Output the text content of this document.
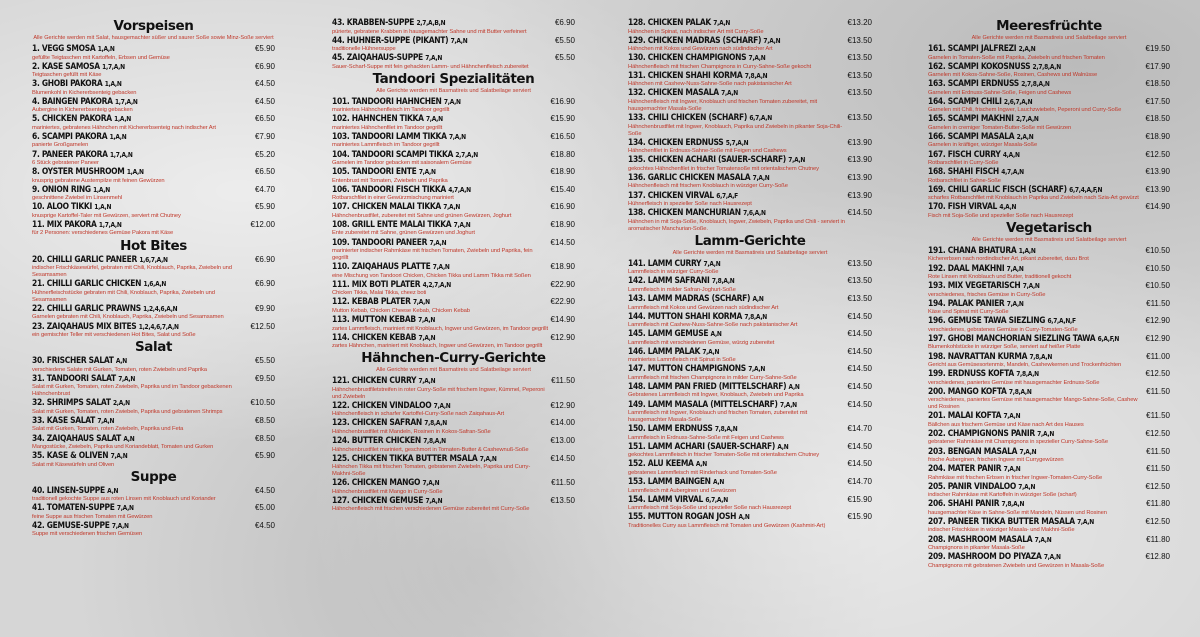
Vorspeisen
Alle Gerichte werden mit Salat, hausgemachter süßer und saurer Soße sowie Minz-Soße serviert
1. VEGG SMOSA 1,A,N	€5.90
gefüllte Teigtaschen mit Kartoffeln, Erbsen und Gemüse
2. KÄSE SAMOSA 1,7,A,N	€6.90
Teigtaschen gefüllt mit Käse
3. GHOBI PAKORA 1,A,N	€4.50
Blumenkohl in Kichererbsenteig gebacken
4. BAINGEN PAKORA 1,7,A,N	€4.50
Aubergine in Kichererbsenteig gebacken
5. CHICKEN PAKORA 1,A,N	€6.50
mariniertes, gebratenes Hähnchen mit Kichererbsenteig nach indischer Art
6. SCAMPI PAKORA 1,A,N	€7.90
panierte Großgarnelen
7. PANEER PAKORA 1,7,A,N	€5.20
6 Stück gebratener Paneer
8. OYSTER MUSHROOM 1,A,N	€6.50
knusprig gebratene Austernpilze mit feinen Gewürzen
9. ONION RING 1,A,N	€4.70
geschnittene Zwiebel im Linsenmehl
10. ALOO TIKKI 1,A,N	€5.90
knusprige Kartoffel-Taler mit Gewürzen, serviert mit Chutney
11. MIX PAKORA 1,7,A,N	€12.00
für 2 Personen: verschiedenes Gemüse Pakora mit Käse
Hot Bites
20. CHILLI GARLIC PANEER 1,6,7,A,N	€6.90
indischer Frischkäsewürfel, gebraten mit Chili, Knoblauch, Paprika, Zwiebeln und Sesamsamen
21. CHILLI GARLIC CHICKEN 1,6,A,N	€6.90
Hühnerfleischstücke gebraten mit Chili, Knoblauch, Paprika, Zwiebeln und Sesamsamen
22. CHILLI GARLIC PRAWNS 1,2,4,6,A,N	€9.90
Garnelen gebraten mit Chili, Knoblauch, Paprika, Zwiebeln und Sesamsamen
23. ZAIQAHAUS MIX BITES 1,2,4,6,7,A,N	€12.50
ein gemischter Teller mit verschiedenen Hot Bites, Salat und Soße
Salat
30. FRISCHER SALAT A,N	€5.50
verschiedene Salate mit Gurken, Tomaten, roten Zwiebeln und Paprika
31. TANDOORI SALAT 7,A,N	€9.50
Salat mit Gurken, Tomaten, roten Zwiebeln, Paprika und im Tandoor gebackenen Hähnchenbrust
32. SHRIMPS SALAT 2,A,N	€10.50
Salat mit Gurken, Tomaten, roten Zwiebeln, Paprika und gebratenen Shrimps
33. KÄSE SALAT 7,A,N	€8.50
Salat mit Gurken, Tomaten, roten Zwiebeln, Paprika und Feta
34. ZAIQAHAUS SALAT A,N	€8.50
Mangostücke, Zwiebeln, Paprika und Koriandeblatt, Tomaten und Gurken
35. KÄSE & OLIVEN 7,A,N	€5.90
Salat mit Käsewürfeln und Oliven
Suppe
40. LINSEN-SUPPE A,N	€4.50
traditionell gekochte Suppe aus roten Linsen mit Knoblauch und Koriander
41. TOMATEN-SUPPE 7,A,N	€5.00
feine Suppe aus frischen Tomaten mit Gewürzen
42. GEMÜSE-SUPPE 7,A,N	€4.50
Suppe mit verschiedenen frischen Gemüsen
43. KRABBEN-SUPPE 2,7,A,B,N	€6.90
pürierte, gebratene Krabben in hausgemachter Sahne und mit Butter verfeinert
44. HÜHNER-SUPPE (PIKANT) 7,A,N	€5.50
traditionelle Hühnersuppe
45. ZAIQAHAUS-SUPPE 7,A,N	€5.50
Sauer-Scharf-Suppe mit fein gehackten Lamm- und Hähnchenfleisch zubereitet
Tandoori Spezialitäten
Alle Gerichte werden mit Basmatireis und Salatbeilage serviert
101. TANDOORI HÄHNCHEN 7,A,N	€16.90
mariniertes Hähnchenfleisch im Tandoor gegrillt
102. HÄHNCHEN TIKKA 7,A,N	€15.90
mariniertes Hähnchenfilet im Tandoor gegrillt
103. TANDOORI LAMM TIKKA 7,A,N	€16.50
mariniertes Lammfleisch im Tandoor gegrillt
104. TANDOORI SCAMPI TIKKA 2,7,A,N	€18.80
Garnelen im Tandoor gebacken mit saisonalem Gemüse
105. TANDOORI ENTE 7,A,N	€18.90
Entenbrust mit Tomaten, Zwiebeln und Paprika
106. TANDOORI FISCH TIKKA 4,7,A,N	€15.40
Rotbarschfilet in einer Gewürzmischung mariniert
107. CHICKEN MALAI TIKKA 7,A,N	€16.90
Hähnchenbrustfilet, zubereitet mit Sahne und grünen Gewürzen, Joghurt
108. GRILL ENTE MALAI TIKKA 7,A,N	€18.90
Ente zubereitet mit Sahne, grünen Gewürzen und Joghurt
109. TANDOORI PANEER 7,A,N	€14.50
marinierter indischer Rahmkäse mit frischen Tomaten, Zwiebeln und Paprika, fein gegrillt
110. ZAIQAHAUS PLATTE 7,A,N	€18.90
eine Mischung von Tandoori Chicken, Chicken Tikka und Lamm Tikka mit Soßen
111. MIX BOTI PLATER 4,2,7,A,N	€22.90
Chicken Tikka, Malai Tikka, cheez boti
112. KEBAB PLATER 7,A,N	€22.90
Mutton Kebab, Chicken Cheese Kebab, Chicken Kebab
113. MUTTON KEBAB 7,A,N	€14.90
zartes Lammfleisch, mariniert mit Knoblauch, Ingwer und Gewürzen, im Tandoor gegrillt
114. CHICKEN KEBAB 7,A,N	€12.90
zartes Hähnchen, mariniert mit Knoblauch, Ingwer und Gewürzen, im Tandoor gegrillt
Hähnchen-Curry-Gerichte
Alle Gerichte werden mit Basmatireis und Salatbeilage serviert
121. CHICKEN CURRY 7,A,N	€11.50
Hähnchenbrustfiletstreifen in roter Curry-Soße mit frischem Ingwer, Kümmel, Peperoni und Zwiebeln
122. CHICKEN VINDALOO 7,A,N	€12.90
Hähnchenfleisch in scharfer Kartoffel-Curry-Soße nach Zaiqahaus-Art
123. CHICKEN SAFRAN 7,8,A,N	€14.00
Hähnchenbrustfilet mit Mandeln, Rosinen in Kokos-Safran-Soße
124. BUTTER CHICKEN 7,8,A,N	€13.00
Hähnchenbrustfilet mariniert, geschmort in Tomaten-Butter & Cashewnuß-Soße
125. CHICKEN TIKKA BUTTER MSALA 7,A,N	€14.50
Hähnchen Tikka mit frischen Tomaten, gebratenen Zwiebeln, Paprika und Curry-Makhni-Soße
126. CHICKEN MANGO 7,A,N	€11.50
Hähnchenbrustfilet mit Mango in Curry-Soße
127. CHICKEN GEMÜSE 7,A,N	€13.50
Hähnchenfleisch mit frischen verschiedenen Gemüse zubereitet mit Curry-Soße
128. CHICKEN PALAK 7,A,N	€13.20
Hähnchen in Spinat, nach indischer Art mit Curry-Soße
129. CHICKEN MADRAS (SCHARF) 7,A,N	€13.50
Hähnchen mit Kokos und Gewürzen nach südindischer Art
130. CHICKEN CHAMPIGNONS 7,A,N	€13.50
Hähnchenfleisch mit frischen Champignons in Curry-Sahne-Soße gekocht
131. CHICKEN SHAHI KORMA 7,8,A,N	€13.50
Hähnchen mit Cashew-Nuss-Sahne-Soße nach pakistanischer Art
132. CHICKEN MASALA 7,A,N	€13.50
Hähnchenfleisch mit Ingwer, Knoblauch und frischen Tomaten zubereitet, mit hausgemachter Masala-Soße
133. CHILI CHICKEN (SCHARF) 6,7,A,N	€13.50
Hähnchenbrustfilet mit Ingwer, Knoblauch, Paprika und Zwiebeln in pikanter Soja-Chili-Soße
134. CHICKEN ERDNUSS 5,7,A,N	€13.90
Hähnchenfilet in Erdnuss-Sahne-Soße mit Feigen und Cashews
135. CHICKEN ACHARI (SAUER-SCHARF) 7,A,N	€13.90
gekochtes Hähnchenfilet in frischer Tomatensoße mit orientalischem Chutney
136. GARLIC CHICKEN MASALA 7,A,N	€13.90
Hähnchenfleisch mit frischem Knoblauch in würziger Curry-Soße
137. CHICKEN VIRVAL 6,7,A,F	€13.90
Hühnerfleisch in spezieller Soße nach Hausrezept
138. CHICKEN MANCHURIAN 7,6,A,N	€14.50
Hähnchen in mit Soja-Soße, Knoblauch, Ingwer, Zwiebeln, Paprika und Chili - serviert in aromatischer Manchurian-Soße.
Lamm-Gerichte
Alle Gerichte werden mit Basmatireis und Salatbeilage serviert
141. LAMM CURRY 7,A,N	€13.50
Lammfleisch in würziger Curry-Soße
142. LAMM SAFRANI 7,8,A,N	€13.50
Lammfleisch in milder Safran-Joghurt-Soße
143. LAMM MADRAS (SCHARF) A,N	€13.50
Lammfleisch mit Kokos und Gewürzen nach südindischer Art
144. MUTTON SHAHI KORMA 7,8,A,N	€14.50
Lammfleisch mit Cashew-Nuss-Sahne-Soße nach pakistanischer Art
145. LAMM GEMÜSE A,N	€14.50
Lammfleisch mit verschiedenen Gemüse, würzig zubereitet
146. LAMM PALAK 7,A,N	€14.50
mariniertes Lammfleisch mit Spinat in Soße
147. MUTTON CHAMPIGNONS 7,A,N	€14.50
Lammfleisch mit frischen Champignons in milder Curry-Sahne-Soße
148. LAMM PAN FRIED (MITTELSCHARF) A,N	€14.50
Gebratenes Lammfleisch mit Ingwer, Knoblauch, Zwiebeln und Paprika
149. LAMM MASALA (MITTELSCHARF) 7,A,N	€14.50
Lammfleisch mit Ingwer, Knoblauch und frischen Tomaten, zubereitet mit hausgemachter Masala-Soße
150. LAMM ERDNUSS 7,8,A,N	€14.70
Lammfleisch in Erdnuss-Sahne-Soße mit Feigen und Cashews
151. LAMM ACHARI (SAUER-SCHARF) A,N	€14.50
gekochtes Lammfleisch in frischer Tomaten-Soße mit orientalischem Chutney
152. ALU KEEMA A,N	€14.50
gebratenes Lammfleisch mit Rinderhack und Tomaten-Soße
153. LAMM BAINGEN A,N	€14.70
Lammfleisch mit Auberginen und Gewürzen
154. LAMM VIRVAL 6,7,A,N	€15.90
Lammfleisch mit Soja-Soße und spezieller Soße nach Hausrezept
155. MUTTON ROGAN JOSH A,N	€15.90
Traditionelles Curry aus Lammfleisch mit Tomaten und Gewürzen (Kashmiri-Art)
Meeresfrüchte
Alle Gerichte werden mit Basmatireis und Salatbeilage serviert
161. SCAMPI JALFREZI 2,A,N	€19.50
Garnelen in Tomaten-Soße mit Paprika, Zwiebeln und frischen Tomaten
162. SCAMPI KOKOSNUSS 2,7,8,A,N	€17.90
Garnelen mit Kokos-Sahne-Soße, Rosinen, Cashews und Walnüsse
163. SCAMPI ERDNUSS 2,7,8,A,N	€18.50
Garnelen mit Erdnuss-Sahne-Soße, Feigen und Cashews
164. SCAMPI CHILI 2,6,7,A,N	€17.50
Garnelen mit Chili, frischem Ingwer, Lauchzwiebeln, Peperoni und Curry-Soße
165. SCAMPI MAKHNI 2,7,A,N	€18.50
Garnelen in cremiger Tomaten-Butter-Soße mit Gewürzen
166. SCAMPI MASALA 2,A,N	€18.90
Garnelen in kräftiger, würziger Masala-Soße
167. FISCH CURRY 4,A,N	€12.50
Rotbarschfilet in Curry-Soße
168. SHAHI FISCH 4,7,A,N	€13.90
Rotbarschfilet in Sahne-Soße
169. CHILI GARLIC FISCH (SCHARF) 6,7,4,A,F,N	€13.90
scharfes Rotbarschfilet mit Knoblauch in Paprika und Zwiebeln nach Szia-Art gewürzt
170. FISH VIRVAL 4,A,N	€14.90
Fisch mit Soja-Soße und spezieller Soße nach Hausrezept
Vegetarisch
Alle Gerichte werden mit Basmatireis und Salatbeilage serviert
191. CHANA BHATURA 1,A,N	€10.50
Kichererbsen nach nordindischer Art, pikant zubereitet, dazu Brot
192. DAAL MAKHNI 7,A,N	€10.50
Rote Linsen mit Knoblauch und Butter, traditionell gekocht
193. MIX VEGETARISCH 7,A,N	€10.50
verschiedenes, frisches Gemüse in Curry-Soße
194. PALAK PANIER 7,A,N	€11.50
Käse und Spinat mit Curry-Soße
196. GEMÜSE TAWA SIEZLING 6,7,A,N,F	€12.90
verschiedenes, gebratenes Gemüse in Curry-Tomaten-Soße
197. GHOBI MANCHORIAN SIEZLING TAWA 6,A,F,N	€12.90
Blumenkohlstücke in würziger Soße, serviert auf heißer Platte
198. NAVRATTAN KURMA 7,8,A,N	€11.00
Gericht aus Gemüsesortenmix, Mandeln, Cashewkernen und Trockenfrüchten
199. ERDNUSS KOFTA 7,8,A,N	€12.50
verschiedenes, paniertes Gemüse mit hausgemachter Erdnuss-Soße
200. MANGO KOFTA 7,8,A,N	€11.50
verschiedenes, paniertes Gemüse mit hausgemachter Mango-Sahne-Soße, Cashew und Rosinen
201. MALAI KOFTA 7,A,N	€11.50
Bällchen aus frischem Gemüse und Käse nach Art des Hauses
202. CHAMPIGNONS PANIR 7,A,N	€12.50
gebratener Rahmkäse mit Champignons in spezieller Curry-Sahne-Soße
203. BENGAN MASALA 7,A,N	€11.50
frische Auberginen, frischen Ingwer mit Currygewürzen
204. MATER PANIR 7,A,N	€11.50
Rahmkäse mit frischen Erbsen in frischer Ingwer-Tomaten-Curry-Soße
205. PANIR VINDALOO 7,A,N	€12.50
indischer Rahmkäse mit Kartoffeln in würziger Soße (scharf)
206. SHAHI PANIR 7,8,A,N	€11.80
hausgemachter Käse in Sahne-Soße mit Mandeln, Nüssen und Rosinen
207. PANEER TIKKA BUTTER MASALA 7,A,N	€12.50
indischer Frischkäse in würziger Masala- und Makhni-Soße
208. MASHROOM MASALA 7,A,N	€11.80
Champignons in pikanter Masala-Soße
209. MASHROOM DO PIYAZA 7,A,N	€12.80
Champignons mit gebratenen Zwiebeln und Gewürzen in Masala-Soße
